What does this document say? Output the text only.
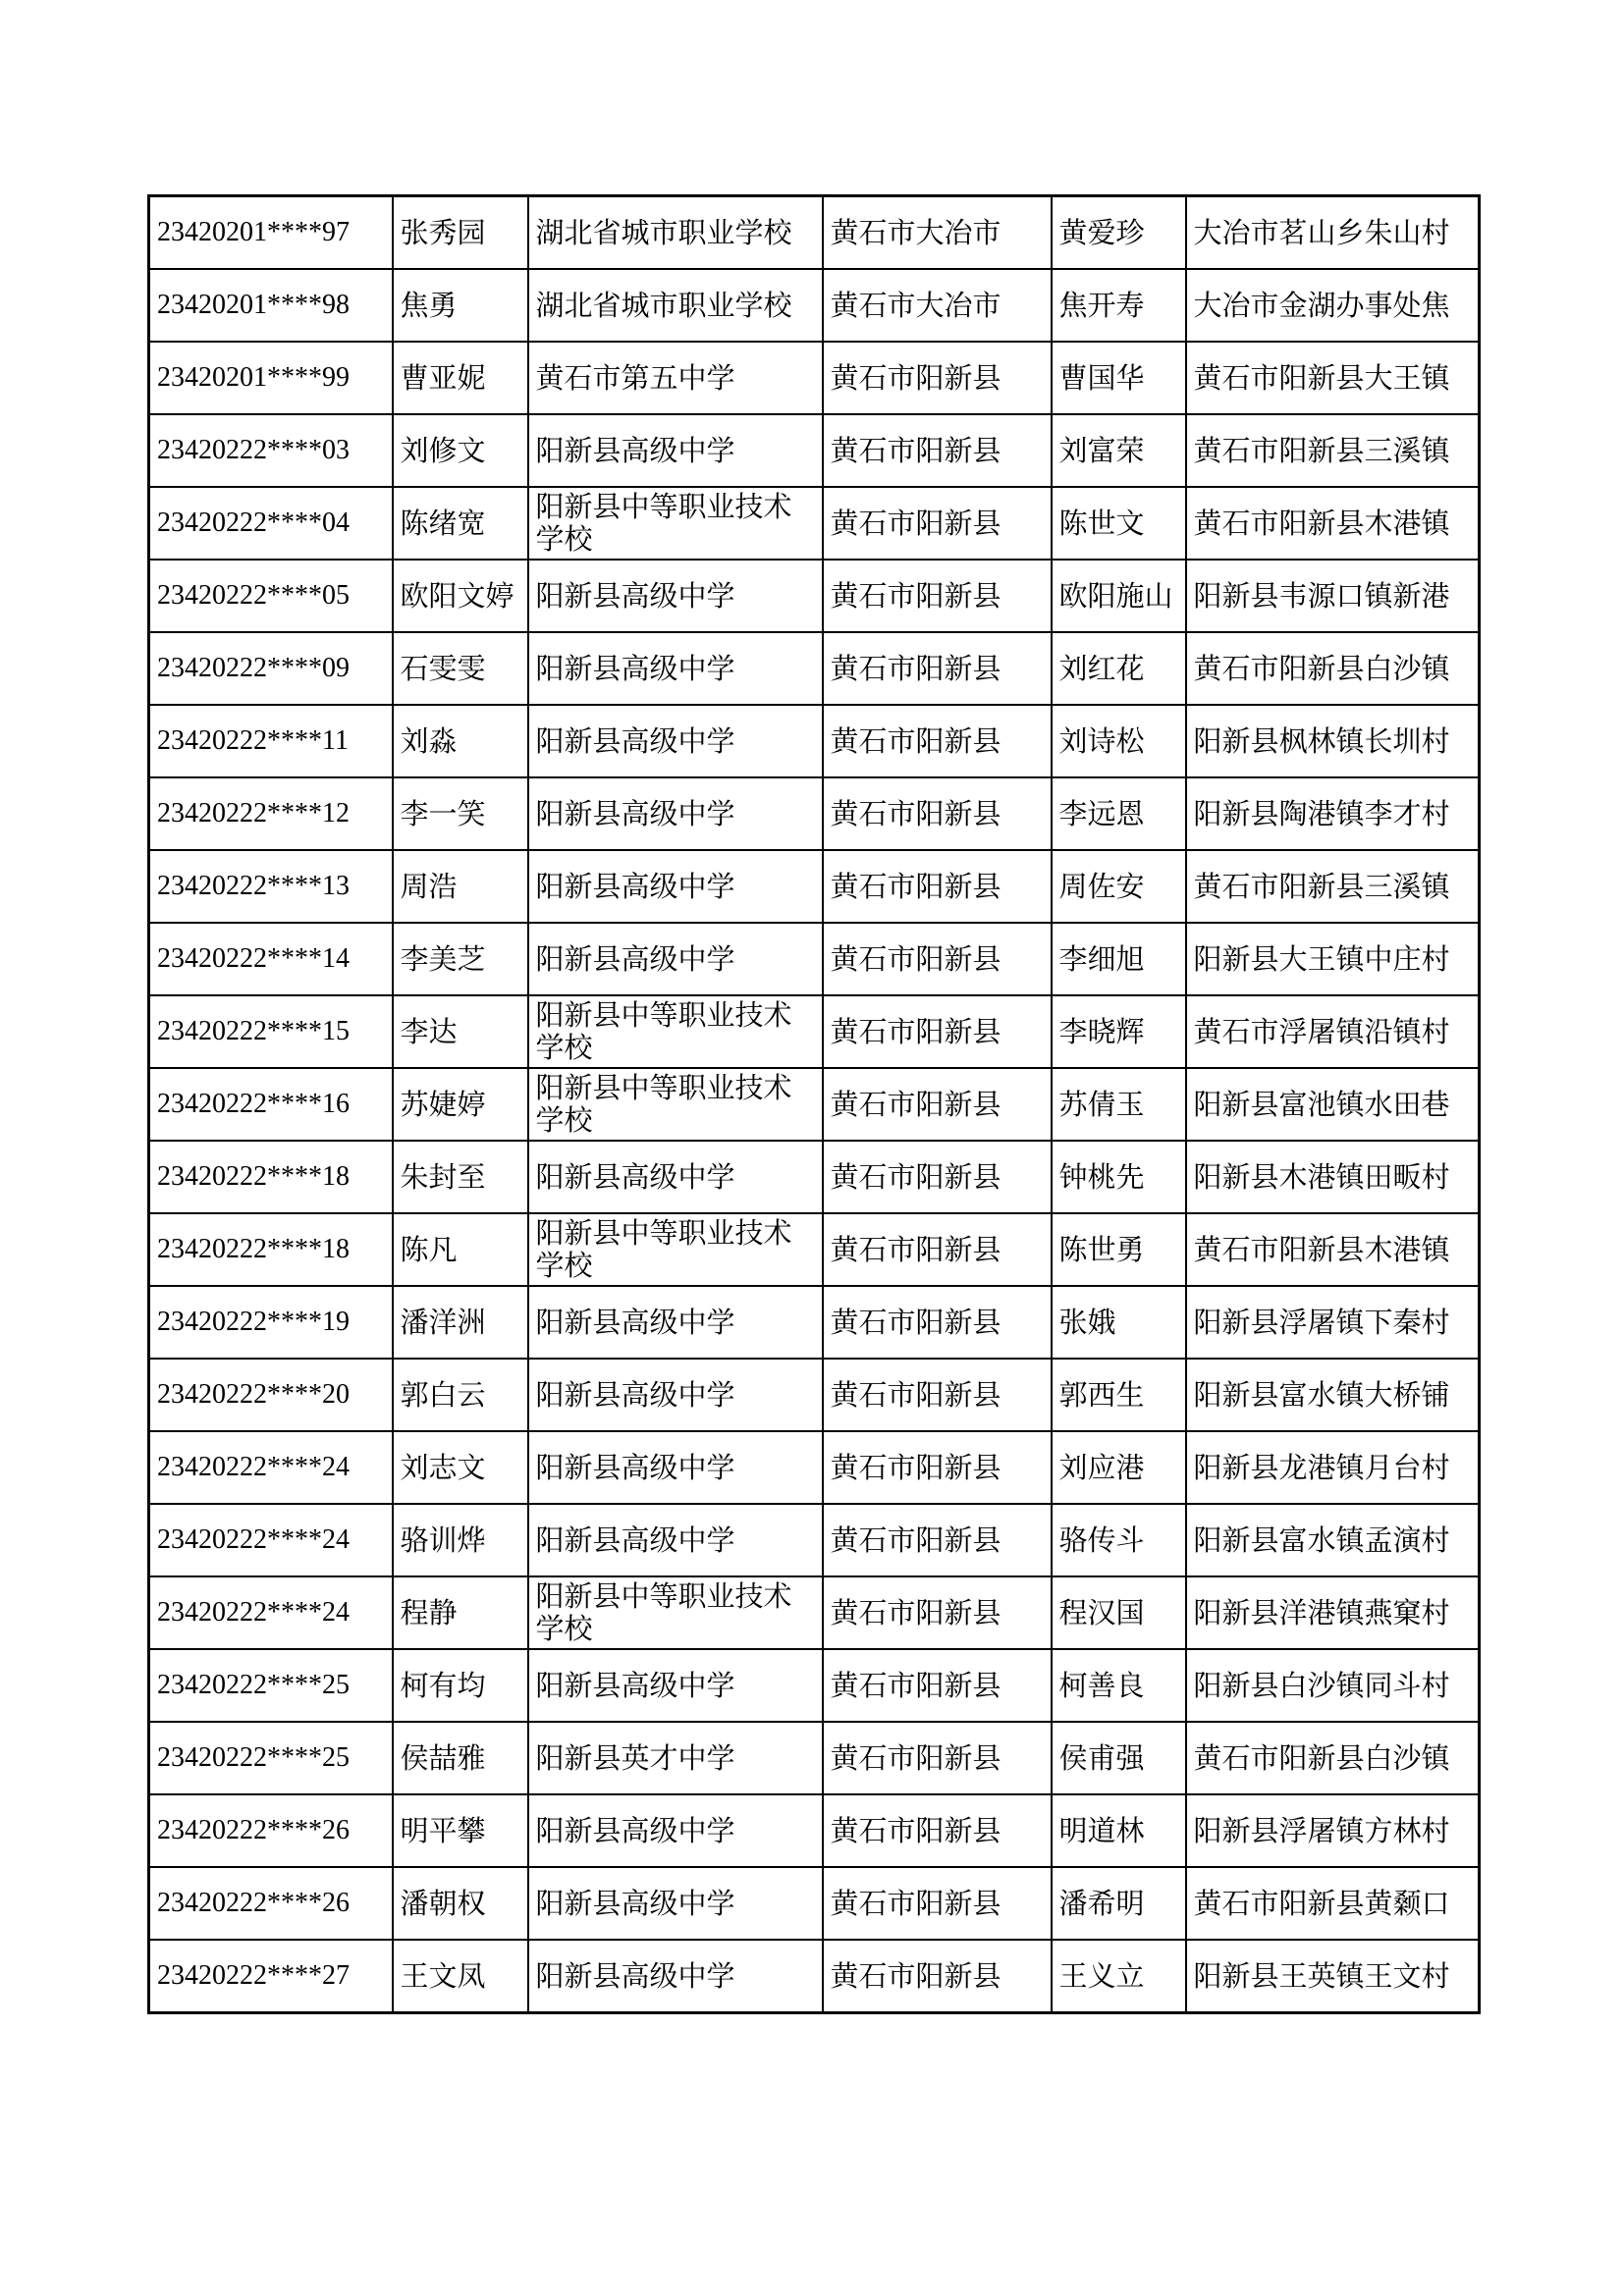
23420201****97	张秀园	湖北省城市职业学校	黄石市大冶市	黄爱珍	大冶市茗山乡朱山村
23420201****98	焦勇	湖北省城市职业学校	黄石市大冶市	焦开寿	大冶市金湖办事处焦
23420201****99	曹亚妮	黄石市第五中学	黄石市阳新县	曹国华	黄石市阳新县大王镇
23420222****03	刘修文	阳新县高级中学	黄石市阳新县	刘富荣	黄石市阳新县三溪镇
23420222****04	陈绪宽	阳新县中等职业技术学校	黄石市阳新县	陈世文	黄石市阳新县木港镇
23420222****05	欧阳文婷	阳新县高级中学	黄石市阳新县	欧阳施山	阳新县韦源口镇新港
23420222****09	石雯雯	阳新县高级中学	黄石市阳新县	刘红花	黄石市阳新县白沙镇
23420222****11	刘淼	阳新县高级中学	黄石市阳新县	刘诗松	阳新县枫林镇长圳村
23420222****12	李一笑	阳新县高级中学	黄石市阳新县	李远恩	阳新县陶港镇李才村
23420222****13	周浩	阳新县高级中学	黄石市阳新县	周佐安	黄石市阳新县三溪镇
23420222****14	李美芝	阳新县高级中学	黄石市阳新县	李细旭	阳新县大王镇中庄村
23420222****15	李达	阳新县中等职业技术学校	黄石市阳新县	李晓辉	黄石市浮屠镇沿镇村
23420222****16	苏婕婷	阳新县中等职业技术学校	黄石市阳新县	苏倩玉	阳新县富池镇水田巷
23420222****18	朱封至	阳新县高级中学	黄石市阳新县	钟桃先	阳新县木港镇田畈村
23420222****18	陈凡	阳新县中等职业技术学校	黄石市阳新县	陈世勇	黄石市阳新县木港镇
23420222****19	潘洋洲	阳新县高级中学	黄石市阳新县	张娥	阳新县浮屠镇下秦村
23420222****20	郭白云	阳新县高级中学	黄石市阳新县	郭西生	阳新县富水镇大桥铺
23420222****24	刘志文	阳新县高级中学	黄石市阳新县	刘应港	阳新县龙港镇月台村
23420222****24	骆训烨	阳新县高级中学	黄石市阳新县	骆传斗	阳新县富水镇孟演村
23420222****24	程静	阳新县中等职业技术学校	黄石市阳新县	程汉国	阳新县洋港镇燕窠村
23420222****25	柯有均	阳新县高级中学	黄石市阳新县	柯善良	阳新县白沙镇同斗村
23420222****25	侯喆雅	阳新县英才中学	黄石市阳新县	侯甫强	黄石市阳新县白沙镇
23420222****26	明平攀	阳新县高级中学	黄石市阳新县	明道林	阳新县浮屠镇方林村
23420222****26	潘朝权	阳新县高级中学	黄石市阳新县	潘希明	黄石市阳新县黄颡口
23420222****27	王文凤	阳新县高级中学	黄石市阳新县	王义立	阳新县王英镇王文村
